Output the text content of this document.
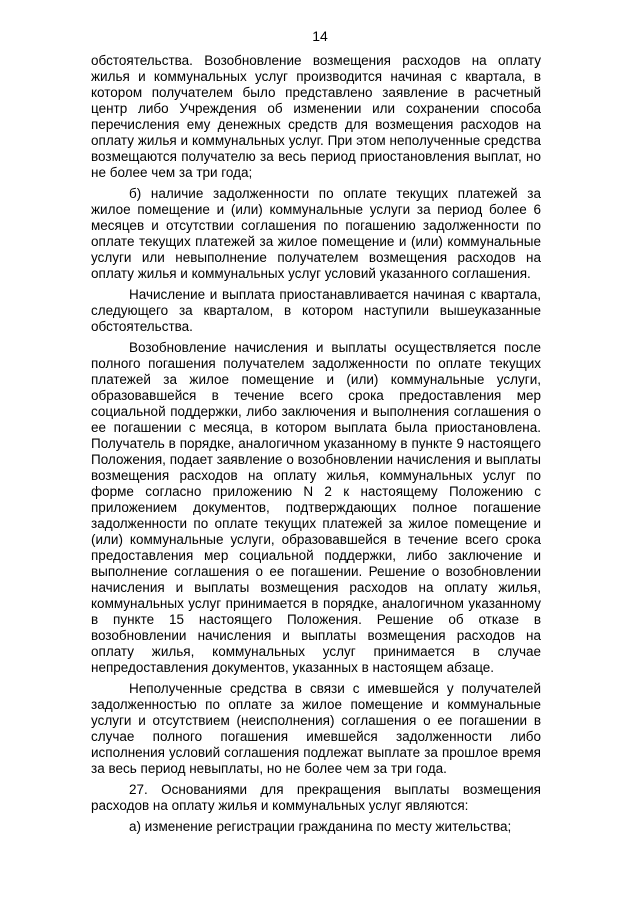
14

обстоятельства. Возобновление возмещения расходов на оплату жилья и коммунальных услуг производится начиная с квартала, в котором получателем было представлено заявление в расчетный центр либо Учреждения об изменении или сохранении способа перечисления ему денежных средств для возмещения расходов на оплату жилья и коммунальных услуг. При этом неполученные средства возмещаются получателю за весь период приостановления выплат, но не более чем за три года;

б) наличие задолженности по оплате текущих платежей за жилое помещение и (или) коммунальные услуги за период более 6 месяцев и отсутствии соглашения по погашению задолженности по оплате текущих платежей за жилое помещение и (или) коммунальные услуги или невыполнение получателем возмещения расходов на оплату жилья и коммунальных услуг условий указанного соглашения.

Начисление и выплата приостанавливается начиная с квартала, следующего за кварталом, в котором наступили вышеуказанные обстоятельства.

Возобновление начисления и выплаты осуществляется после полного погашения получателем задолженности по оплате текущих платежей за жилое помещение и (или) коммунальные услуги, образовавшейся в течение всего срока предоставления мер социальной поддержки, либо заключения и выполнения соглашения о ее погашении с месяца, в котором выплата была приостановлена. Получатель в порядке, аналогичном указанному в пункте 9 настоящего Положения, подает заявление о возобновлении начисления и выплаты возмещения расходов на оплату жилья, коммунальных услуг по форме согласно приложению N 2 к настоящему Положению с приложением документов, подтверждающих полное погашение задолженности по оплате текущих платежей за жилое помещение и (или) коммунальные услуги, образовавшейся в течение всего срока предоставления мер социальной поддержки, либо заключение и выполнение соглашения о ее погашении. Решение о возобновлении начисления и выплаты возмещения расходов на оплату жилья, коммунальных услуг принимается в порядке, аналогичном указанному в пункте 15 настоящего Положения. Решение об отказе в возобновлении начисления и выплаты возмещения расходов на оплату жилья, коммунальных услуг принимается в случае непредоставления документов, указанных в настоящем абзаце.

Неполученные средства в связи с имевшейся у получателей задолженностью по оплате за жилое помещение и коммунальные услуги и отсутствием (неисполнения) соглашения о ее погашении в случае полного погашения имевшейся задолженности либо исполнения условий соглашения подлежат выплате за прошлое время за весь период невыплаты, но не более чем за три года.

27. Основаниями для прекращения выплаты возмещения расходов на оплату жилья и коммунальных услуг являются:

а) изменение регистрации гражданина по месту жительства;
